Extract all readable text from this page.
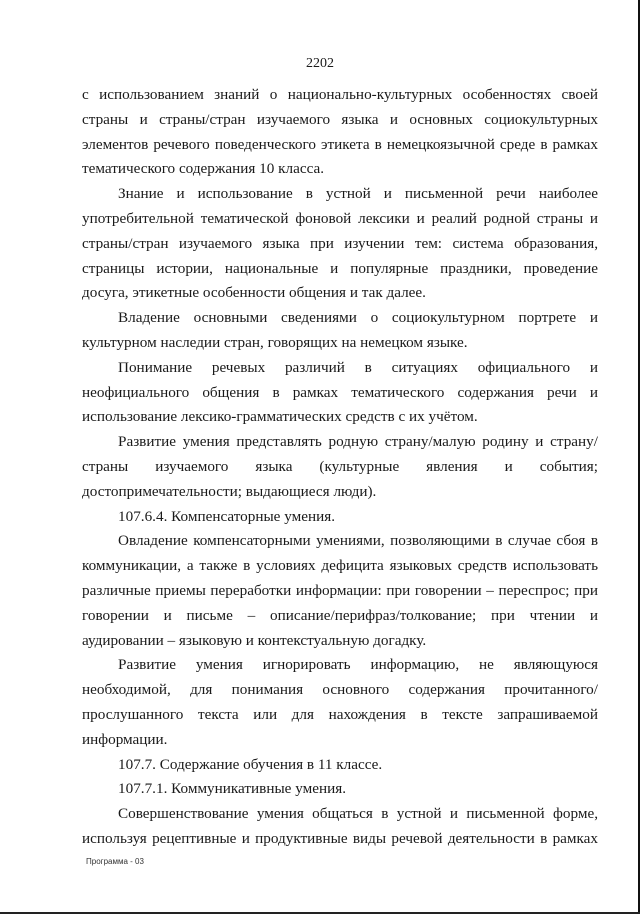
2202

с использованием знаний о национально-культурных особенностях своей страны и страны/стран изучаемого языка и основных социокультурных элементов речевого поведенческого этикета в немецкоязычной среде в рамках тематического содержания 10 класса.

Знание и использование в устной и письменной речи наиболее употребительной тематической фоновой лексики и реалий родной страны и страны/стран изучаемого языка при изучении тем: система образования, страницы истории, национальные и популярные праздники, проведение досуга, этикетные особенности общения и так далее.

Владение основными сведениями о социокультурном портрете и культурном наследии стран, говорящих на немецком языке.

Понимание речевых различий в ситуациях официального и неофициального общения в рамках тематического содержания речи и использование лексико-грамматических средств с их учётом.

Развитие умения представлять родную страну/малую родину и страну/страны изучаемого языка (культурные явления и события; достопримечательности; выдающиеся люди).

107.6.4. Компенсаторные умения.

Овладение компенсаторными умениями, позволяющими в случае сбоя в коммуникации, а также в условиях дефицита языковых средств использовать различные приемы переработки информации: при говорении – переспрос; при говорении и письме – описание/перифраз/толкование; при чтении и аудировании – языковую и контекстуальную догадку.

Развитие умения игнорировать информацию, не являющуюся необходимой, для понимания основного содержания прочитанного/прослушанного текста или для нахождения в тексте запрашиваемой информации.

107.7. Содержание обучения в 11 классе.

107.7.1. Коммуникативные умения.

Совершенствование умения общаться в устной и письменной форме, используя рецептивные и продуктивные виды речевой деятельности в рамках

Программа - 03
